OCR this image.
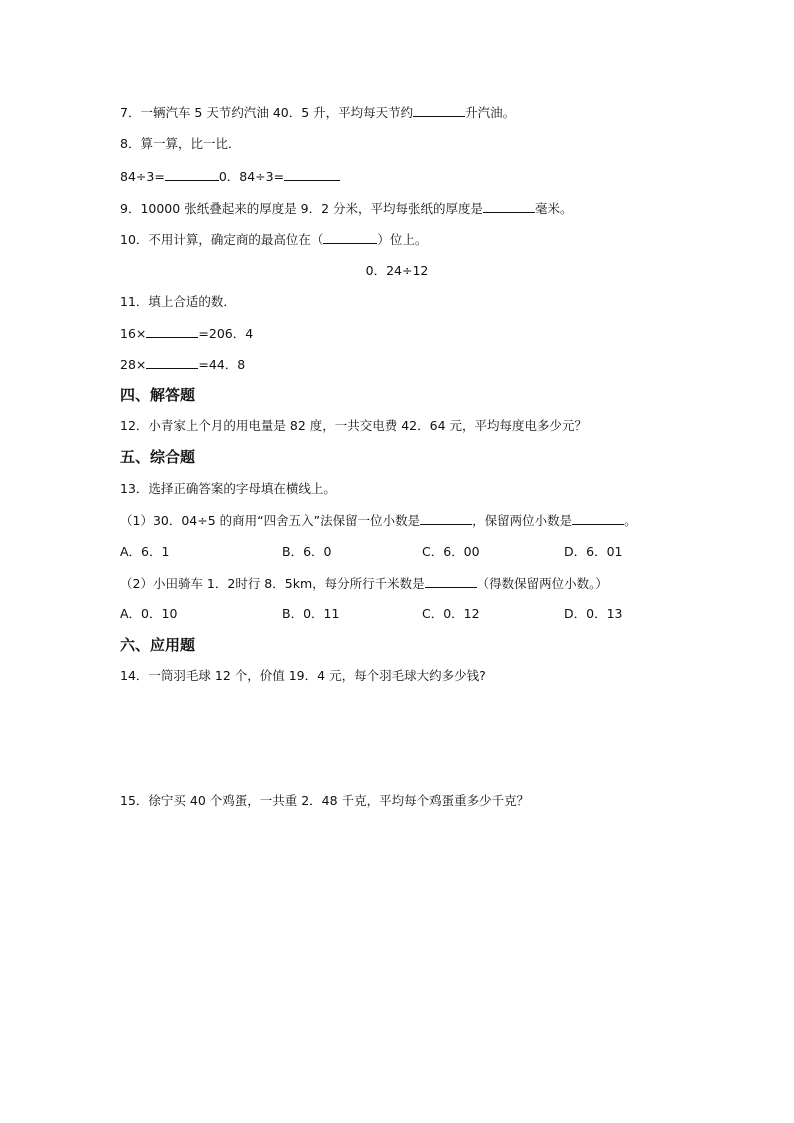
7．一辆汽车 5 天节约汽油 40．5 升，平均每天节约	升汽油。
8．算一算，比一比．
84÷3=	0．84÷3=
9．10000 张纸叠起来的厚度是 9．2 分米，平均每张纸的厚度是	毫米。
10．不用计算，确定商的最高位在（	）位上。
0．24÷12
11．填上合适的数．
16×	=206．4
28×	=44．8
四、解答题
12．小青家上个月的用电量是 82 度，一共交电费 42．64 元，平均每度电多少元？
五、综合题
13．选择正确答案的字母填在横线上。
（1）30．04÷5 的商用“四舍五入”法保留一位小数是	，保留两位小数是	。
A．6．1	B．6．0	C．6．00	D．6．01
（2）小田骑车 1．2时行 8．5km，每分所行千米数是	（得数保留两位小数。）
A．0．10	B．0．11	C．0．12	D．0．13
六、应用题
14．一筒羽毛球 12 个，价值 19．4 元，每个羽毛球大约多少钱?
15．徐宁买 40 个鸡蛋，一共重 2．48 千克，平均每个鸡蛋重多少千克？
